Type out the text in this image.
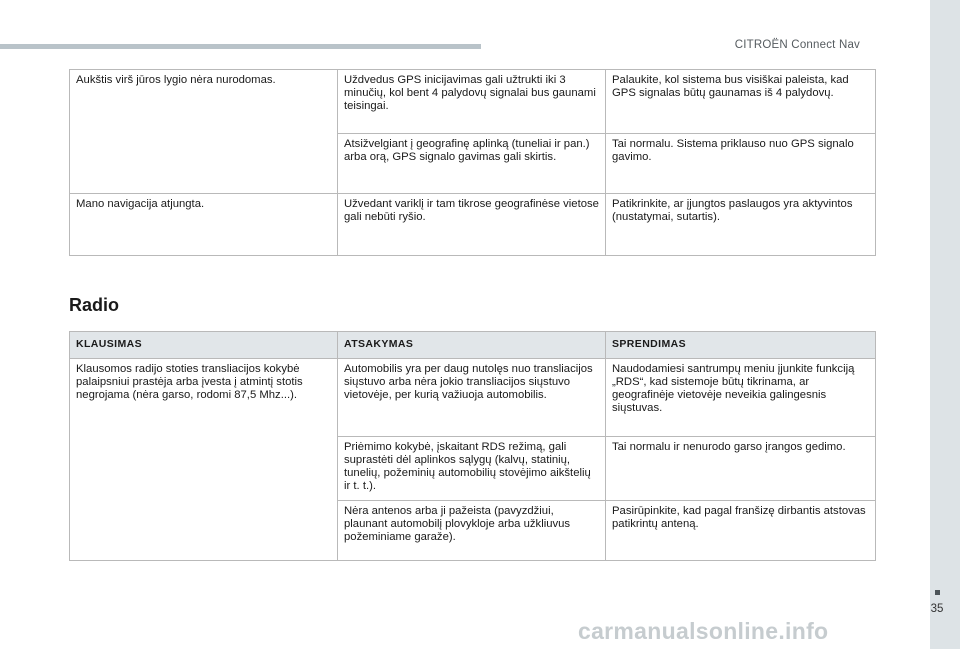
CITROËN Connect Nav
Aukštis virš jūros lygio nėra nurodomas.	Uždvedus GPS inicijavimas gali užtrukti iki 3 minučių, kol bent 4 palydovų signalai bus gaunami teisingai.	Palaukite, kol sistema bus visiškai paleista, kad GPS signalas būtų gaunamas iš 4 palydovų.
	Atsižvelgiant į geografinę aplinką (tuneliai ir pan.) arba orą, GPS signalo gavimas gali skirtis.	Tai normalu. Sistema priklauso nuo GPS signalo gavimo.
Mano navigacija atjungta.	Užvedant variklį ir tam tikrose geografinėse vietose gali nebūti ryšio.	Patikrinkite, ar įjungtos paslaugos yra aktyvintos (nustatymai, sutartis).
Radio
KLAUSIMAS	ATSAKYMAS	SPRENDIMAS
Klausomos radijo stoties transliacijos kokybė palaipsniui prastėja arba įvesta į atmintį stotis negrojama (nėra garso, rodomi 87,5 Mhz...).	Automobilis yra per daug nutolęs nuo transliacijos siųstuvo arba nėra jokio transliacijos siųstuvo vietovėje, per kurią važiuoja automobilis.	Naudodamiesi santrumpų meniu įjunkite funkciją „RDS“, kad sistemoje būtų tikrinama, ar geografinėje vietovėje neveikia galingesnis siųstuvas.
	Priėmimo kokybė, įskaitant RDS režimą, gali suprastėti dėl aplinkos sąlygų (kalvų, statinių, tunelių, požeminių automobilių stovėjimo aikštelių ir t. t.).	Tai normalu ir nenurodo garso įrangos gedimo.
	Nėra antenos arba ji pažeista (pavyzdžiui, plaunant automobilį plovykloje arba užkliuvus požeminiame garaže).	Pasirūpinkite, kad pagal franšizę dirbantis atstovas patikrintų anteną.
35
carmanualsonline.info
